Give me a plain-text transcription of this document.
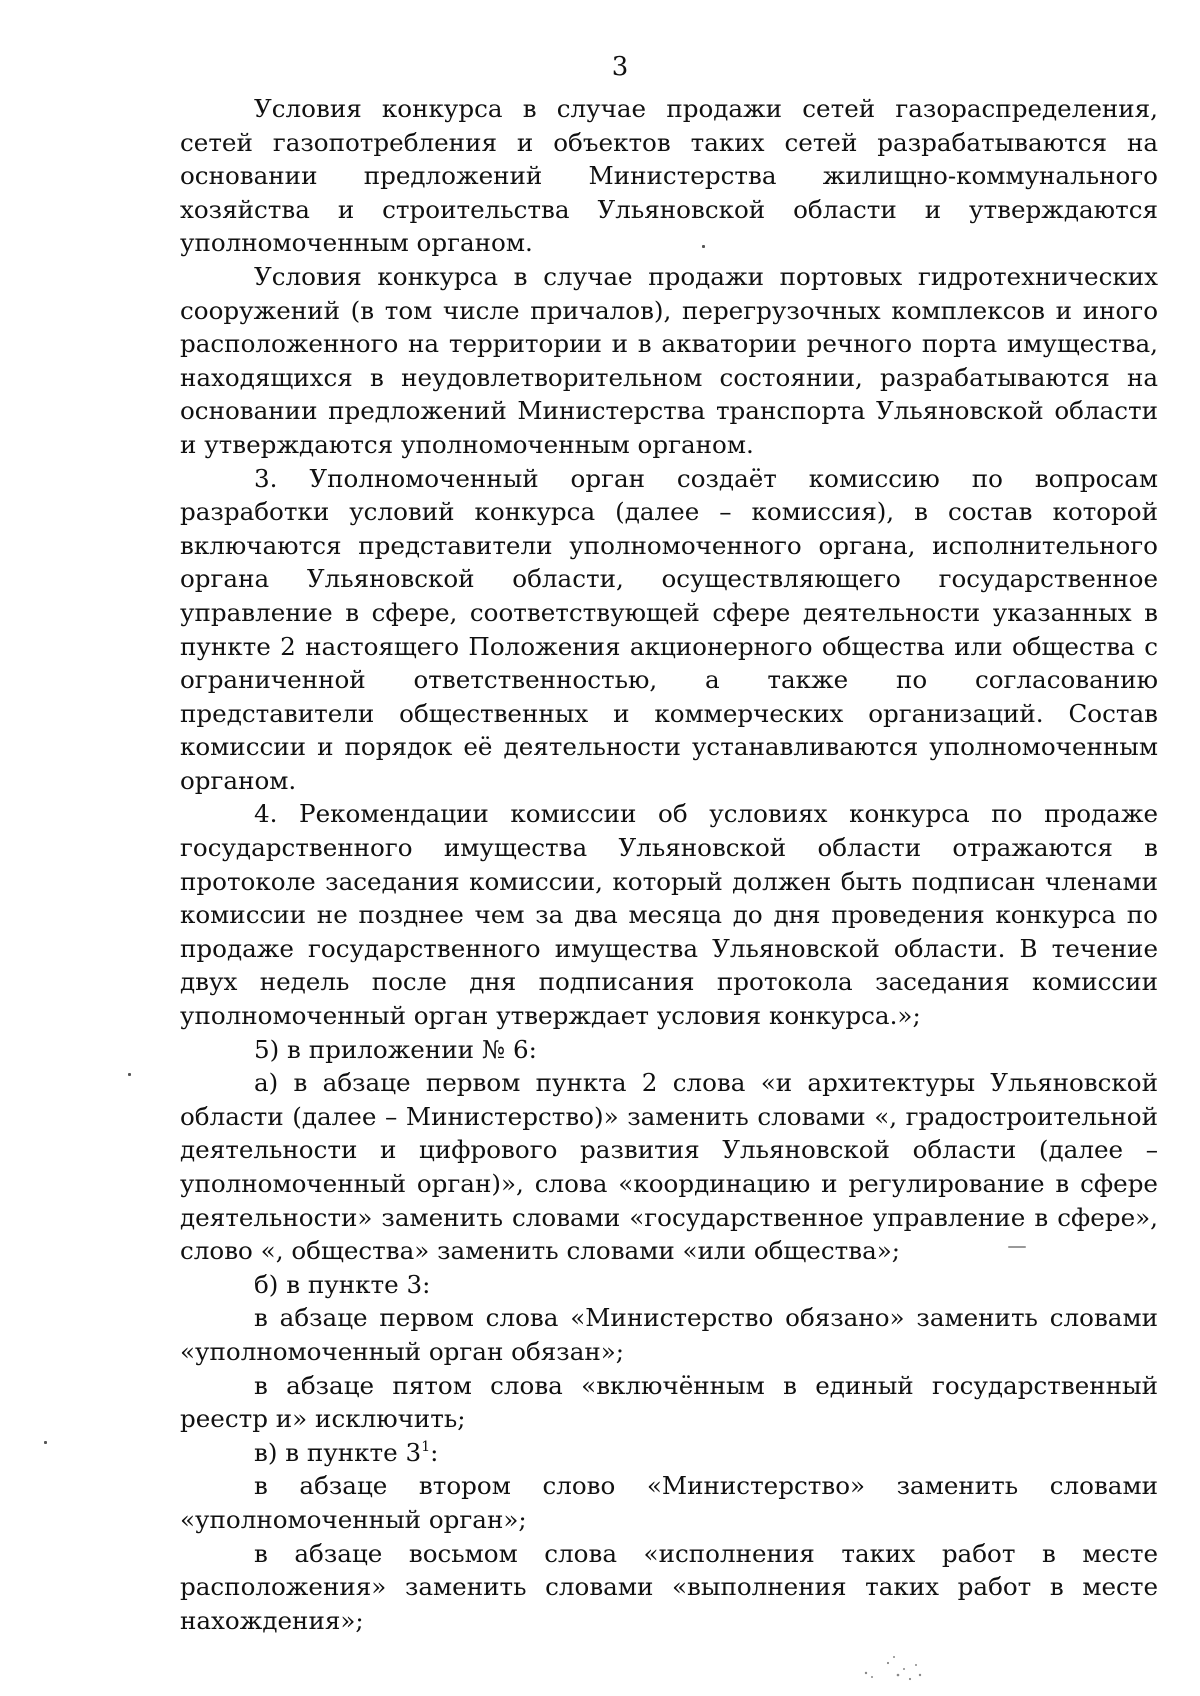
3

Условия конкурса в случае продажи сетей газораспределения, сетей газопотребления и объектов таких сетей разрабатываются на основании предложений Министерства жилищно-коммунального хозяйства и строительства Ульяновской области и утверждаются уполномоченным органом.

Условия конкурса в случае продажи портовых гидротехнических сооружений (в том числе причалов), перегрузочных комплексов и иного расположенного на территории и в акватории речного порта имущества, находящихся в неудовлетворительном состоянии, разрабатываются на основании предложений Министерства транспорта Ульяновской области и утверждаются уполномоченным органом.

3. Уполномоченный орган создаёт комиссию по вопросам разработки условий конкурса (далее – комиссия), в состав которой включаются представители уполномоченного органа, исполнительного органа Ульяновской области, осуществляющего государственное управление в сфере, соответствующей сфере деятельности указанных в пункте 2 настоящего Положения акционерного общества или общества с ограниченной ответственностью, а также по согласованию представители общественных и коммерческих организаций. Состав комиссии и порядок её деятельности устанавливаются уполномоченным органом.

4. Рекомендации комиссии об условиях конкурса по продаже государственного имущества Ульяновской области отражаются в протоколе заседания комиссии, который должен быть подписан членами комиссии не позднее чем за два месяца до дня проведения конкурса по продаже государственного имущества Ульяновской области. В течение двух недель после дня подписания протокола заседания комиссии уполномоченный орган утверждает условия конкурса.»;

5) в приложении № 6:

а) в абзаце первом пункта 2 слова «и архитектуры Ульяновской области (далее – Министерство)» заменить словами «, градостроительной деятельности и цифрового развития Ульяновской области (далее – уполномоченный орган)», слова «координацию и регулирование в сфере деятельности» заменить словами «государственное управление в сфере», слово «, общества» заменить словами «или общества»;

б) в пункте 3:

в абзаце первом слова «Министерство обязано» заменить словами «уполномоченный орган обязан»;

в абзаце пятом слова «включённым в единый государственный реестр и» исключить;

в) в пункте $3^1$:

в абзаце втором слово «Министерство» заменить словами «уполномоченный орган»;

в абзаце восьмом слова «исполнения таких работ в месте расположения» заменить словами «выполнения таких работ в месте нахождения»;
